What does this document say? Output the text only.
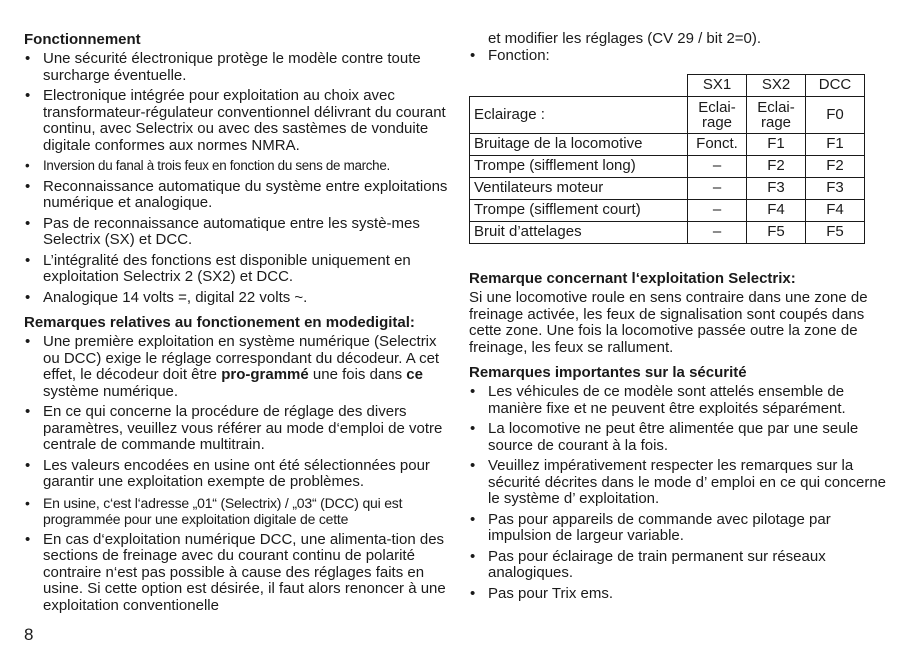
Fonctionnement
• Une sécurité électronique protège le modèle contre toute surcharge éventuelle.
• Electronique intégrée pour exploitation au choix avec transformateur-régulateur conventionnel délivrant du courant continu, avec Selectrix ou avec des sastèmes de vonduite digitale conformes aux normes NMRA.
• Inversion du fanal à trois feux en fonction du sens de marche.
• Reconnaissance automatique du système entre exploitations numérique et analogique.
• Pas de reconnaissance automatique entre les systè-mes Selectrix (SX) et DCC.
• L’intégralité des fonctions est disponible uniquement en exploitation Selectrix 2 (SX2) et DCC.
• Analogique 14 volts =, digital 22 volts ~.
Remarques relatives au fonctionement en modedigital:
• Une première exploitation en système numérique (Selectrix ou DCC) exige le réglage correspondant du décodeur. A cet effet, le décodeur doit être pro-grammé une fois dans ce système numérique.
• En ce qui concerne la procédure de réglage des divers paramètres, veuillez vous référer au mode d‘emploi de votre centrale de commande multitrain.
• Les valeurs encodées en usine ont été sélectionnées pour garantir une exploitation exempte de problèmes.
• En usine, c‘est l‘adresse „01“ (Selectrix) / „03“ (DCC) qui est programmée pour une exploitation digitale de cette
• En cas d‘exploitation numérique DCC, une alimenta-tion des sections de freinage avec du courant continu de polarité contraire n‘est pas possible à cause des réglages faits en usine. Si cette option est désirée, il faut alors renoncer à une exploitation conventionelle
8

et modifier les réglages (CV 29 / bit 2=0).

• Fonction:
	SX1	SX2	DCC
Eclairage :	Eclai-rage	Eclai-rage	F0
Bruitage de la locomotive	Fonct.	F1	F1
Trompe (sifflement long)	–	F2	F2
Ventilateurs moteur	–	F3	F3
Trompe (sifflement court)	–	F4	F4
Bruit d’attelages	–	F5	F5
Remarque concernant l‘exploitation Selectrix:

Si une locomotive roule en sens contraire dans une zone de freinage activée, les feux de signalisation sont coupés dans cette zone. Une fois la locomotive passée outre la zone de freinage, les feux se rallument.

Remarques importantes sur la sécurité
• Les véhicules de ce modèle sont attelés ensemble de manière fixe et ne peuvent être exploités séparément.
• La locomotive ne peut être alimentée que par une seule source de courant à la fois.
• Veuillez impérativement respecter les remarques sur la sécurité décrites dans le mode d’ emploi en ce qui concerne le système d’ exploitation.
• Pas pour appareils de commande avec pilotage par impulsion de largeur variable.
• Pas pour éclairage de train permanent sur réseaux analogiques.
• Pas pour Trix ems.
